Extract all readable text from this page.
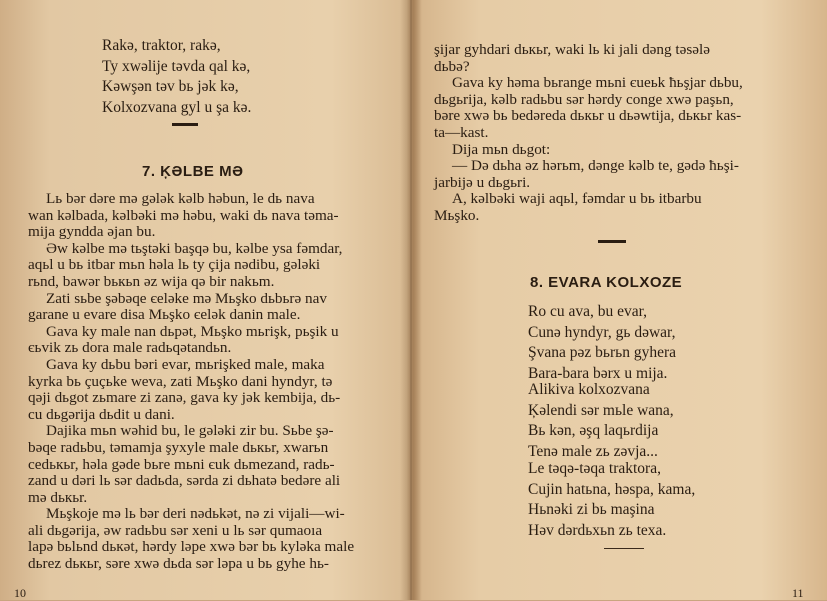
Rakə, traktor, rakə,
Ty xwəlije təvda qal kə,
Kəwşən təv bь jək kə,
Kolxozvana gyl u şa kə.
7. ĶƏLBE MƏ
Lь bər dərе mə gələk kəlb həbun, le dь nava
wan kəlbada, kəlbəki mə həbu, waki dь nava təma-
mija gyndda əjan bu.
Əw kəlbe mə tьştəki başqə bu, kəlbe ysa fəmdar,
aqьl u bь itbar mьn həla lь ty çija nədibu, gələki
rьnd, bawər bькьn əz wija qə bir nakьm.
Zati sьbe şəbəqe єeləke mə Mьşko dьbьrə nav
garane u evare disa Mьşko єelək danin male.
Gava ky male nan dьpət, Mьşko mьrişk, pьşik u
єьvik zь dora male radьqətandьn.
Gava ky dьbu bəri evar, mьrişked male, maka
kyrka bь çuçьke weva, zati Mьşko dani hyndyr, tə
qəji dьgot zьmare zi zanə, gava ky jək kembija, dь-
cu dьgərija dьdit u dani.
Dajika mьn wəhid bu, le gələki zir bu. Sьbe şə-
bəqe radьbu, təmamja şyxyle male dькьr, xwarьn
cedькьr, həla gəde bьre mьni єuk dьmezand, radь-
zand u dəri lь sər dadьda, sərda zi dьhatə bedəre ali
mə dькьr.
Mьşkoje mə lь bər deri nədьkət, nə zi vijali—wi-
ali dьgərija, əw radьbu sər xeni u lь sər qumaoıa
lapə bьlьnd dькət, hərdy ləpe xwə bər bь kyləka male
dьrez dькьr, sərе xwə dьda sər ləpa u bь gyhe hь-
10
şijar gyhdari dькьr, waki lь ki jali dəng təsələ
dьbə?
Gava ky həma bьrange mьni єueьk ħьşjar dьbu,
dьgьrija, kəlb radьbu sər hərdy conge xwə paşьn,
bərе xwə bь bedəreda dькьr u dьəwtija, dькьr kas-
ta—kast.
Dija mьn dьgot:
— Də dьha əz hərьm, dənge kəlb te, gədə ħьşi-
jarbijə u dьgьri.
A, kəlbəki waji aqьl, fəmdar u bь itbarbu
Mьşko.
8. EVARA KOLXOZE
Ro cu ava, bu evar,
Cunə hyndyr, gь dəwar,
Şvana pəz bьrьn gyhera
Bara-bara bərx u mija.
Alikiva kolxozvana
Ķəlendi sər mьle wana,
Bь kən, əşq laqьrdija
Tenə male zь zəvja...
Le təqə-təqa traktora,
Cujin hatьna, həspa, kama,
Hьnəki zi bь maşina
Həv dərdьxьn zь texa.
11
